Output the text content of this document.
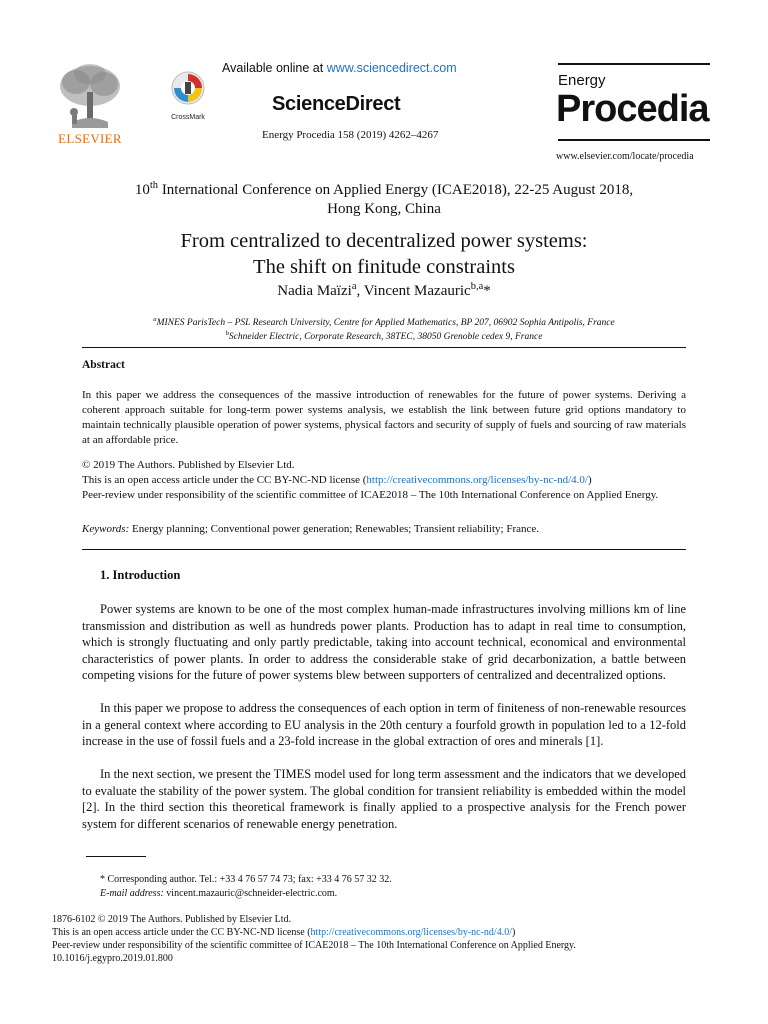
ELSEVIER
CrossMark
Available online at www.sciencedirect.com
ScienceDirect
Energy Procedia 158 (2019) 4262–4267
Energy
Procedia
www.elsevier.com/locate/procedia
10th International Conference on Applied Energy (ICAE2018), 22-25 August 2018,
Hong Kong, China
From centralized to decentralized power systems:
The shift on finitude constraints
Nadia Maïzi$^a$, Vincent Mazauric$^{b,a}$*
$^a$MINES ParisTech – PSL Research University, Centre for Applied Mathematics, BP 207, 06902 Sophia Antipolis, France
$^b$Schneider Electric, Corporate Research, 38TEC, 38050 Grenoble cedex 9, France
Abstract
In this paper we address the consequences of the massive introduction of renewables for the future of power systems. Deriving a coherent approach suitable for long-term power systems analysis, we establish the link between future grid options mandatory to maintain technically plausible operation of power systems, physical factors and security of supply of fuels and sourcing of raw materials at an affordable price.
© 2019 The Authors. Published by Elsevier Ltd.
This is an open access article under the CC BY-NC-ND license (http://creativecommons.org/licenses/by-nc-nd/4.0/)
Peer-review under responsibility of the scientific committee of ICAE2018 – The 10th International Conference on Applied Energy.
Keywords: Energy planning; Conventional power generation; Renewables; Transient reliability; France.
1. Introduction
Power systems are known to be one of the most complex human-made infrastructures involving millions km of line transmission and distribution as well as hundreds power plants. Production has to adapt in real time to consumption, which is strongly fluctuating and only partly predictable, taking into account technical, economical and environmental characteristics of power plants. In order to address the considerable stake of grid decarbonization, a battle between competing visions for the future of power systems blew between supporters of centralized and decentralized options.
In this paper we propose to address the consequences of each option in term of finiteness of non-renewable resources in a general context where according to EU analysis in the 20th century a fourfold growth in population led to a 12-fold increase in the use of fossil fuels and a 23-fold increase in the global extraction of ores and minerals [1].
In the next section, we present the TIMES model used for long term assessment and the indicators that we developed to evaluate the stability of the power system. The global condition for transient reliability is embedded within the model [2]. In the third section this theoretical framework is finally applied to a prospective analysis for the French power system for different scenarios of renewable energy penetration.
* Corresponding author. Tel.: +33 4 76 57 74 73; fax: +33 4 76 57 32 32.
E-mail address: vincent.mazauric@schneider-electric.com.
1876-6102 © 2019 The Authors. Published by Elsevier Ltd.
This is an open access article under the CC BY-NC-ND license (http://creativecommons.org/licenses/by-nc-nd/4.0/)
Peer-review under responsibility of the scientific committee of ICAE2018 – The 10th International Conference on Applied Energy.
10.1016/j.egypro.2019.01.800
